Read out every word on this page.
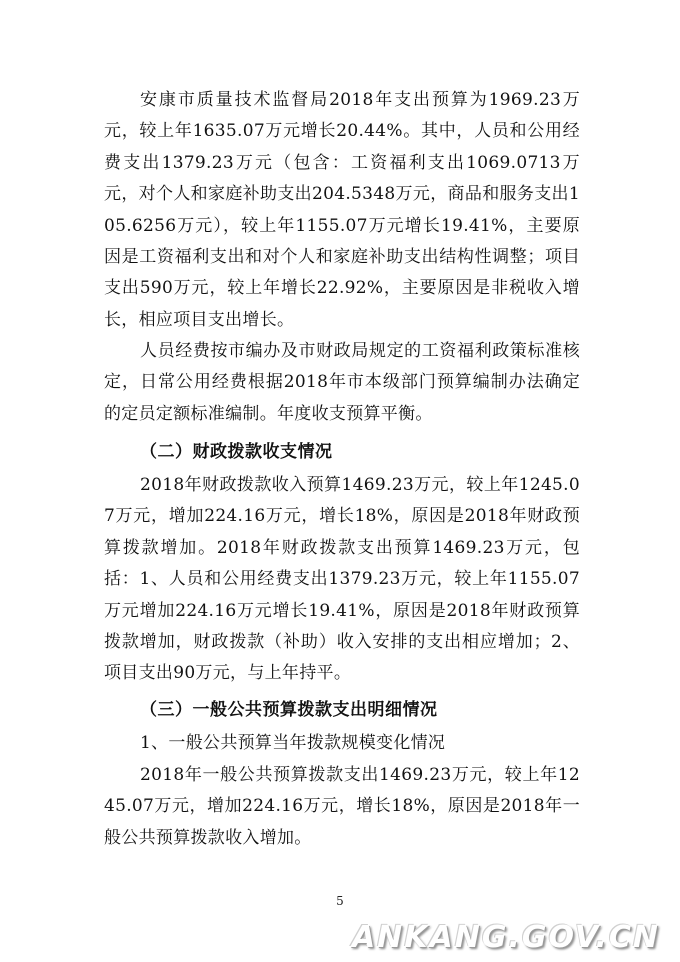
安康市质量技术监督局2018年支出预算为1969.23万元，较上年1635.07万元增长20.44%。其中，人员和公用经费支出1379.23万元（包含：工资福利支出1069.0713万元，对个人和家庭补助支出204.5348万元，商品和服务支出105.6256万元），较上年1155.07万元增长19.41%，主要原因是工资福利支出和对个人和家庭补助支出结构性调整；项目支出590万元，较上年增长22.92%，主要原因是非税收入增长，相应项目支出增长。

人员经费按市编办及市财政局规定的工资福利政策标准核定，日常公用经费根据2018年市本级部门预算编制办法确定的定员定额标准编制。年度收支预算平衡。

（二）财政拨款收支情况

2018年财政拨款收入预算1469.23万元，较上年1245.07万元，增加224.16万元，增长18%，原因是2018年财政预算拨款增加。2018年财政拨款支出预算1469.23万元，包括：1、人员和公用经费支出1379.23万元，较上年1155.07万元增加224.16万元增长19.41%，原因是2018年财政预算拨款增加，财政拨款（补助）收入安排的支出相应增加；2、项目支出90万元，与上年持平。

（三）一般公共预算拨款支出明细情况

1、一般公共预算当年拨款规模变化情况

2018年一般公共预算拨款支出1469.23万元，较上年1245.07万元，增加224.16万元，增长18%，原因是2018年一般公共预算拨款收入增加。

5
ANKANG.GOV.CN
